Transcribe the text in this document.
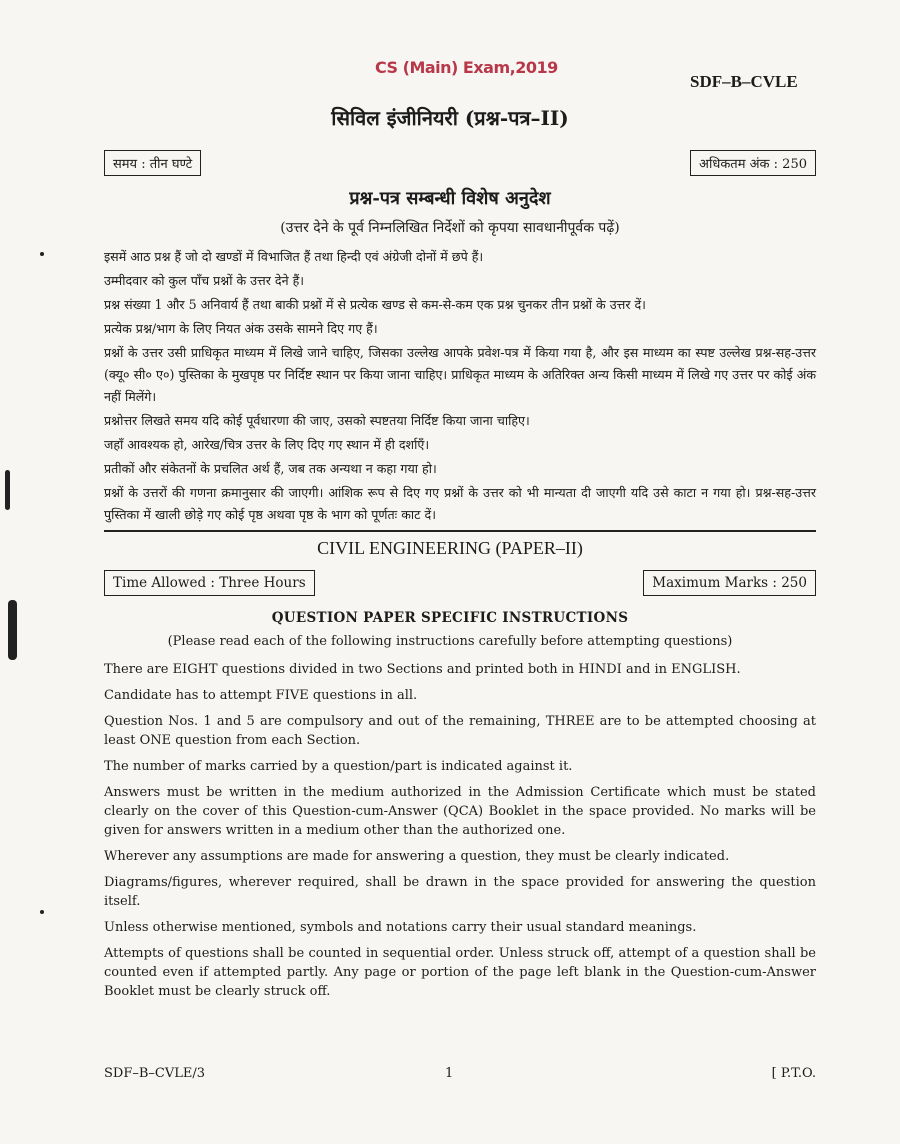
CS (Main) Exam,2019
SDF–B–CVLE
सिविल इंजीनियरी (प्रश्न-पत्र–II)
समय : तीन घण्टे	अधिकतम अंक : 250
प्रश्न-पत्र सम्बन्धी विशेष अनुदेश
(उत्तर देने के पूर्व निम्नलिखित निर्देशों को कृपया सावधानीपूर्वक पढ़ें)

इसमें आठ प्रश्न हैं जो दो खण्डों में विभाजित हैं तथा हिन्दी एवं अंग्रेजी दोनों में छपे हैं।

उम्मीदवार को कुल पाँच प्रश्नों के उत्तर देने हैं।

प्रश्न संख्या 1 और 5 अनिवार्य हैं तथा बाकी प्रश्नों में से प्रत्येक खण्ड से कम-से-कम एक प्रश्न चुनकर तीन प्रश्नों के उत्तर दें।

प्रत्येक प्रश्न/भाग के लिए नियत अंक उसके सामने दिए गए हैं।

प्रश्नों के उत्तर उसी प्राधिकृत माध्यम में लिखे जाने चाहिए, जिसका उल्लेख आपके प्रवेश-पत्र में किया गया है, और इस माध्यम का स्पष्ट उल्लेख प्रश्न-सह-उत्तर (क्यू० सी० ए०) पुस्तिका के मुखपृष्ठ पर निर्दिष्ट स्थान पर किया जाना चाहिए। प्राधिकृत माध्यम के अतिरिक्त अन्य किसी माध्यम में लिखे गए उत्तर पर कोई अंक नहीं मिलेंगे।

प्रश्नोत्तर लिखते समय यदि कोई पूर्वधारणा की जाए, उसको स्पष्टतया निर्दिष्ट किया जाना चाहिए।

जहाँ आवश्यक हो, आरेख/चित्र उत्तर के लिए दिए गए स्थान में ही दर्शाएँ।

प्रतीकों और संकेतनों के प्रचलित अर्थ हैं, जब तक अन्यथा न कहा गया हो।

प्रश्नों के उत्तरों की गणना क्रमानुसार की जाएगी। आंशिक रूप से दिए गए प्रश्नों के उत्तर को भी मान्यता दी जाएगी यदि उसे काटा न गया हो। प्रश्न-सह-उत्तर पुस्तिका में खाली छोड़े गए कोई पृष्ठ अथवा पृष्ठ के भाग को पूर्णतः काट दें।

CIVIL ENGINEERING (PAPER–II)
Time Allowed : Three Hours	Maximum Marks : 250
QUESTION PAPER SPECIFIC INSTRUCTIONS
(Please read each of the following instructions carefully before attempting questions)

There are EIGHT questions divided in two Sections and printed both in HINDI and in ENGLISH.

Candidate has to attempt FIVE questions in all.

Question Nos. 1 and 5 are compulsory and out of the remaining, THREE are to be attempted choosing at least ONE question from each Section.

The number of marks carried by a question/part is indicated against it.

Answers must be written in the medium authorized in the Admission Certificate which must be stated clearly on the cover of this Question-cum-Answer (QCA) Booklet in the space provided. No marks will be given for answers written in a medium other than the authorized one.

Wherever any assumptions are made for answering a question, they must be clearly indicated.

Diagrams/figures, wherever required, shall be drawn in the space provided for answering the question itself.

Unless otherwise mentioned, symbols and notations carry their usual standard meanings.

Attempts of questions shall be counted in sequential order. Unless struck off, attempt of a question shall be counted even if attempted partly. Any page or portion of the page left blank in the Question-cum-Answer Booklet must be clearly struck off.

SDF–B–CVLE/3	1	[ P.T.O.
